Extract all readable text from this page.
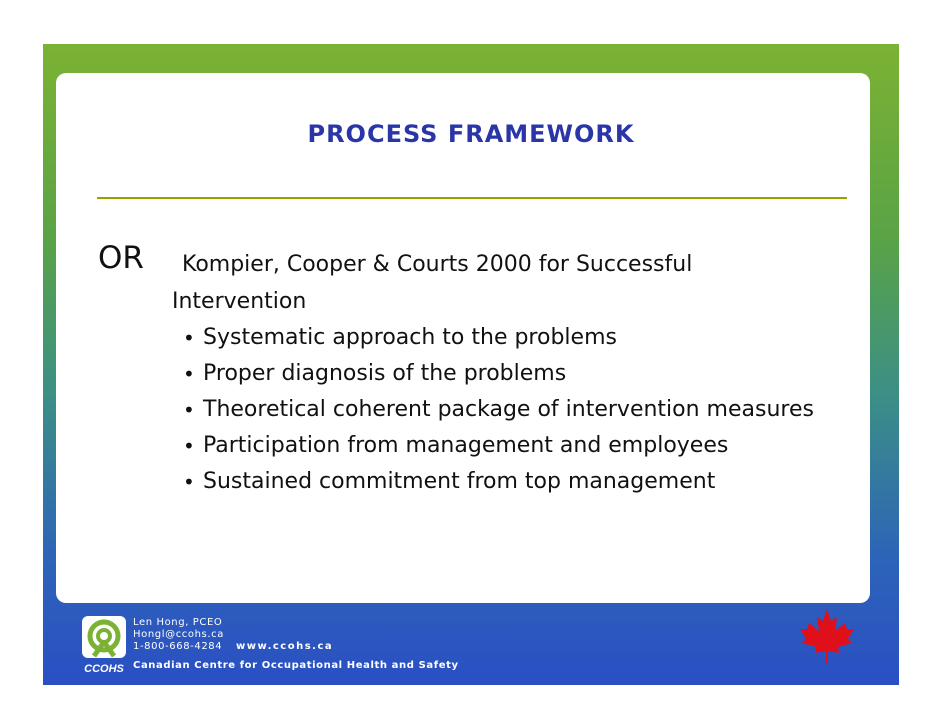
PROCESS FRAMEWORK
OR	Kompier, Cooper & Courts 2000 for Successful Intervention
• Systematic approach to the problems
• Proper diagnosis of the problems
• Theoretical coherent package of intervention measures
• Participation from management and employees
• Sustained commitment from top management
CCOHS
Len Hong, PCEO
Hongl@ccohs.ca
1-800-668-4284 www.ccohs.ca
Canadian Centre for Occupational Health and Safety
